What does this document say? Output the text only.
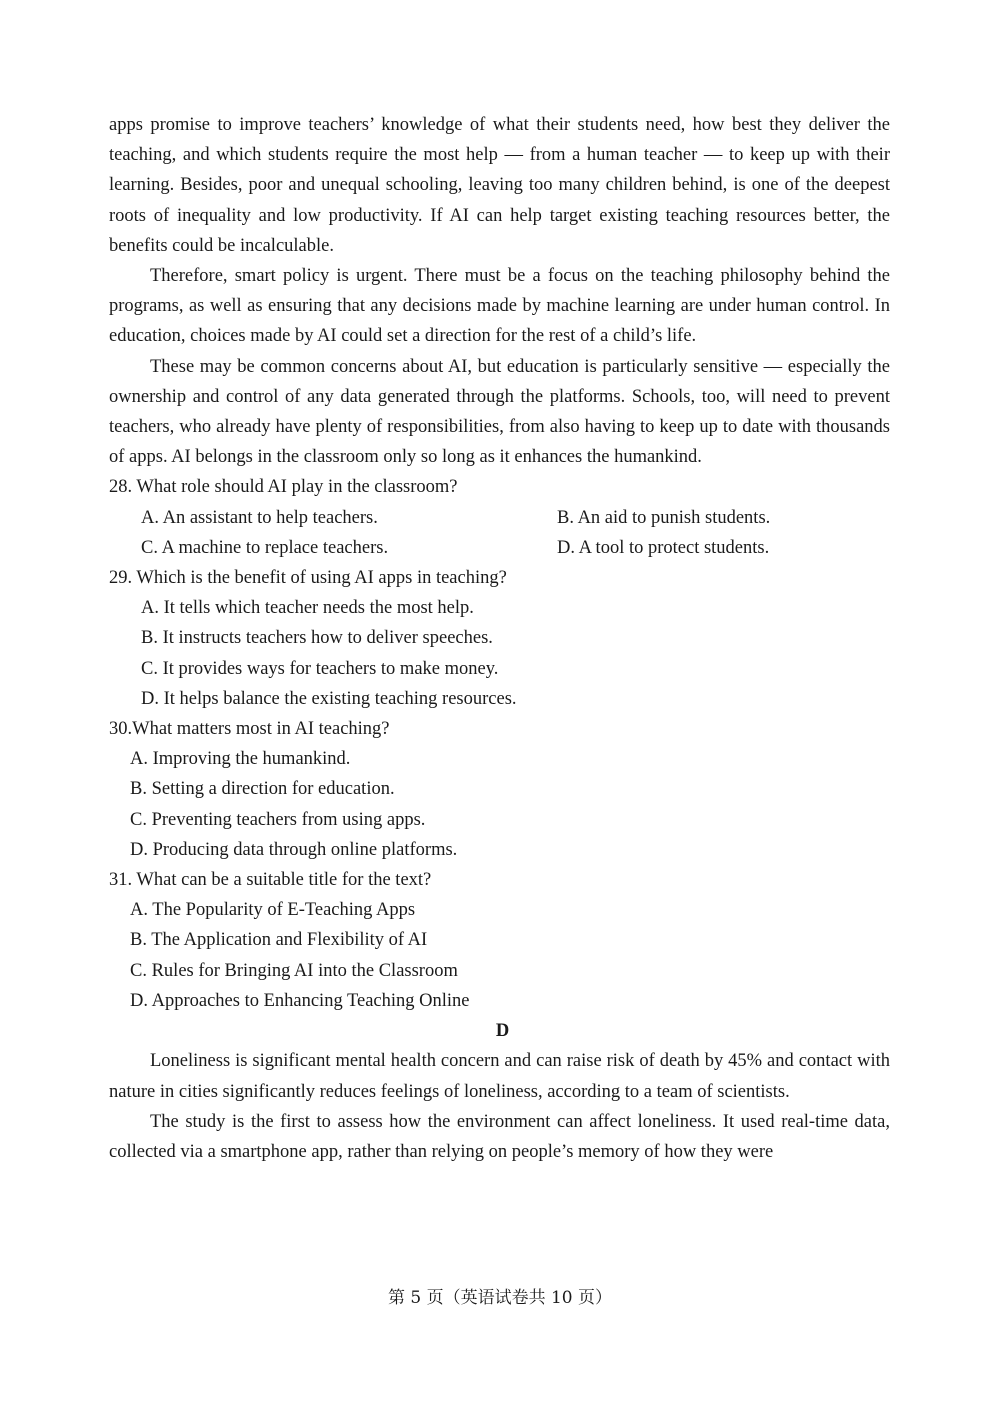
apps promise to improve teachers’ knowledge of what their students need, how best they deliver the teaching, and which students require the most help — from a human teacher — to keep up with their learning. Besides, poor and unequal schooling, leaving too many children behind, is one of the deepest roots of inequality and low productivity. If AI can help target existing teaching resources better, the benefits could be incalculable.

Therefore, smart policy is urgent. There must be a focus on the teaching philosophy behind the programs, as well as ensuring that any decisions made by machine learning are under human control. In education, choices made by AI could set a direction for the rest of a child’s life.

These may be common concerns about AI, but education is particularly sensitive — especially the ownership and control of any data generated through the platforms. Schools, too, will need to prevent teachers, who already have plenty of responsibilities, from also having to keep up to date with thousands of apps. AI belongs in the classroom only so long as it enhances the humankind.

28. What role should AI play in the classroom?

A. An assistant to help teachers.	B. An aid to punish students.

C. A machine to replace teachers.	D. A tool to protect students.

29. Which is the benefit of using AI apps in teaching?

A. It tells which teacher needs the most help.

B. It instructs teachers how to deliver speeches.

C. It provides ways for teachers to make money.

D. It helps balance the existing teaching resources.

30.What matters most in AI teaching?

A. Improving the humankind.

B. Setting a direction for education.

C. Preventing teachers from using apps.

D. Producing data through online platforms.

31. What can be a suitable title for the text?

A. The Popularity of E-Teaching Apps

B. The Application and Flexibility of AI

C. Rules for Bringing AI into the Classroom

D. Approaches to Enhancing Teaching Online

D

Loneliness is significant mental health concern and can raise risk of death by 45% and contact with nature in cities significantly reduces feelings of loneliness, according to a team of scientists.

The study is the first to assess how the environment can affect loneliness. It used real-time data, collected via a smartphone app, rather than relying on people’s memory of how they were

第 5 页（英语试卷共 10 页）
